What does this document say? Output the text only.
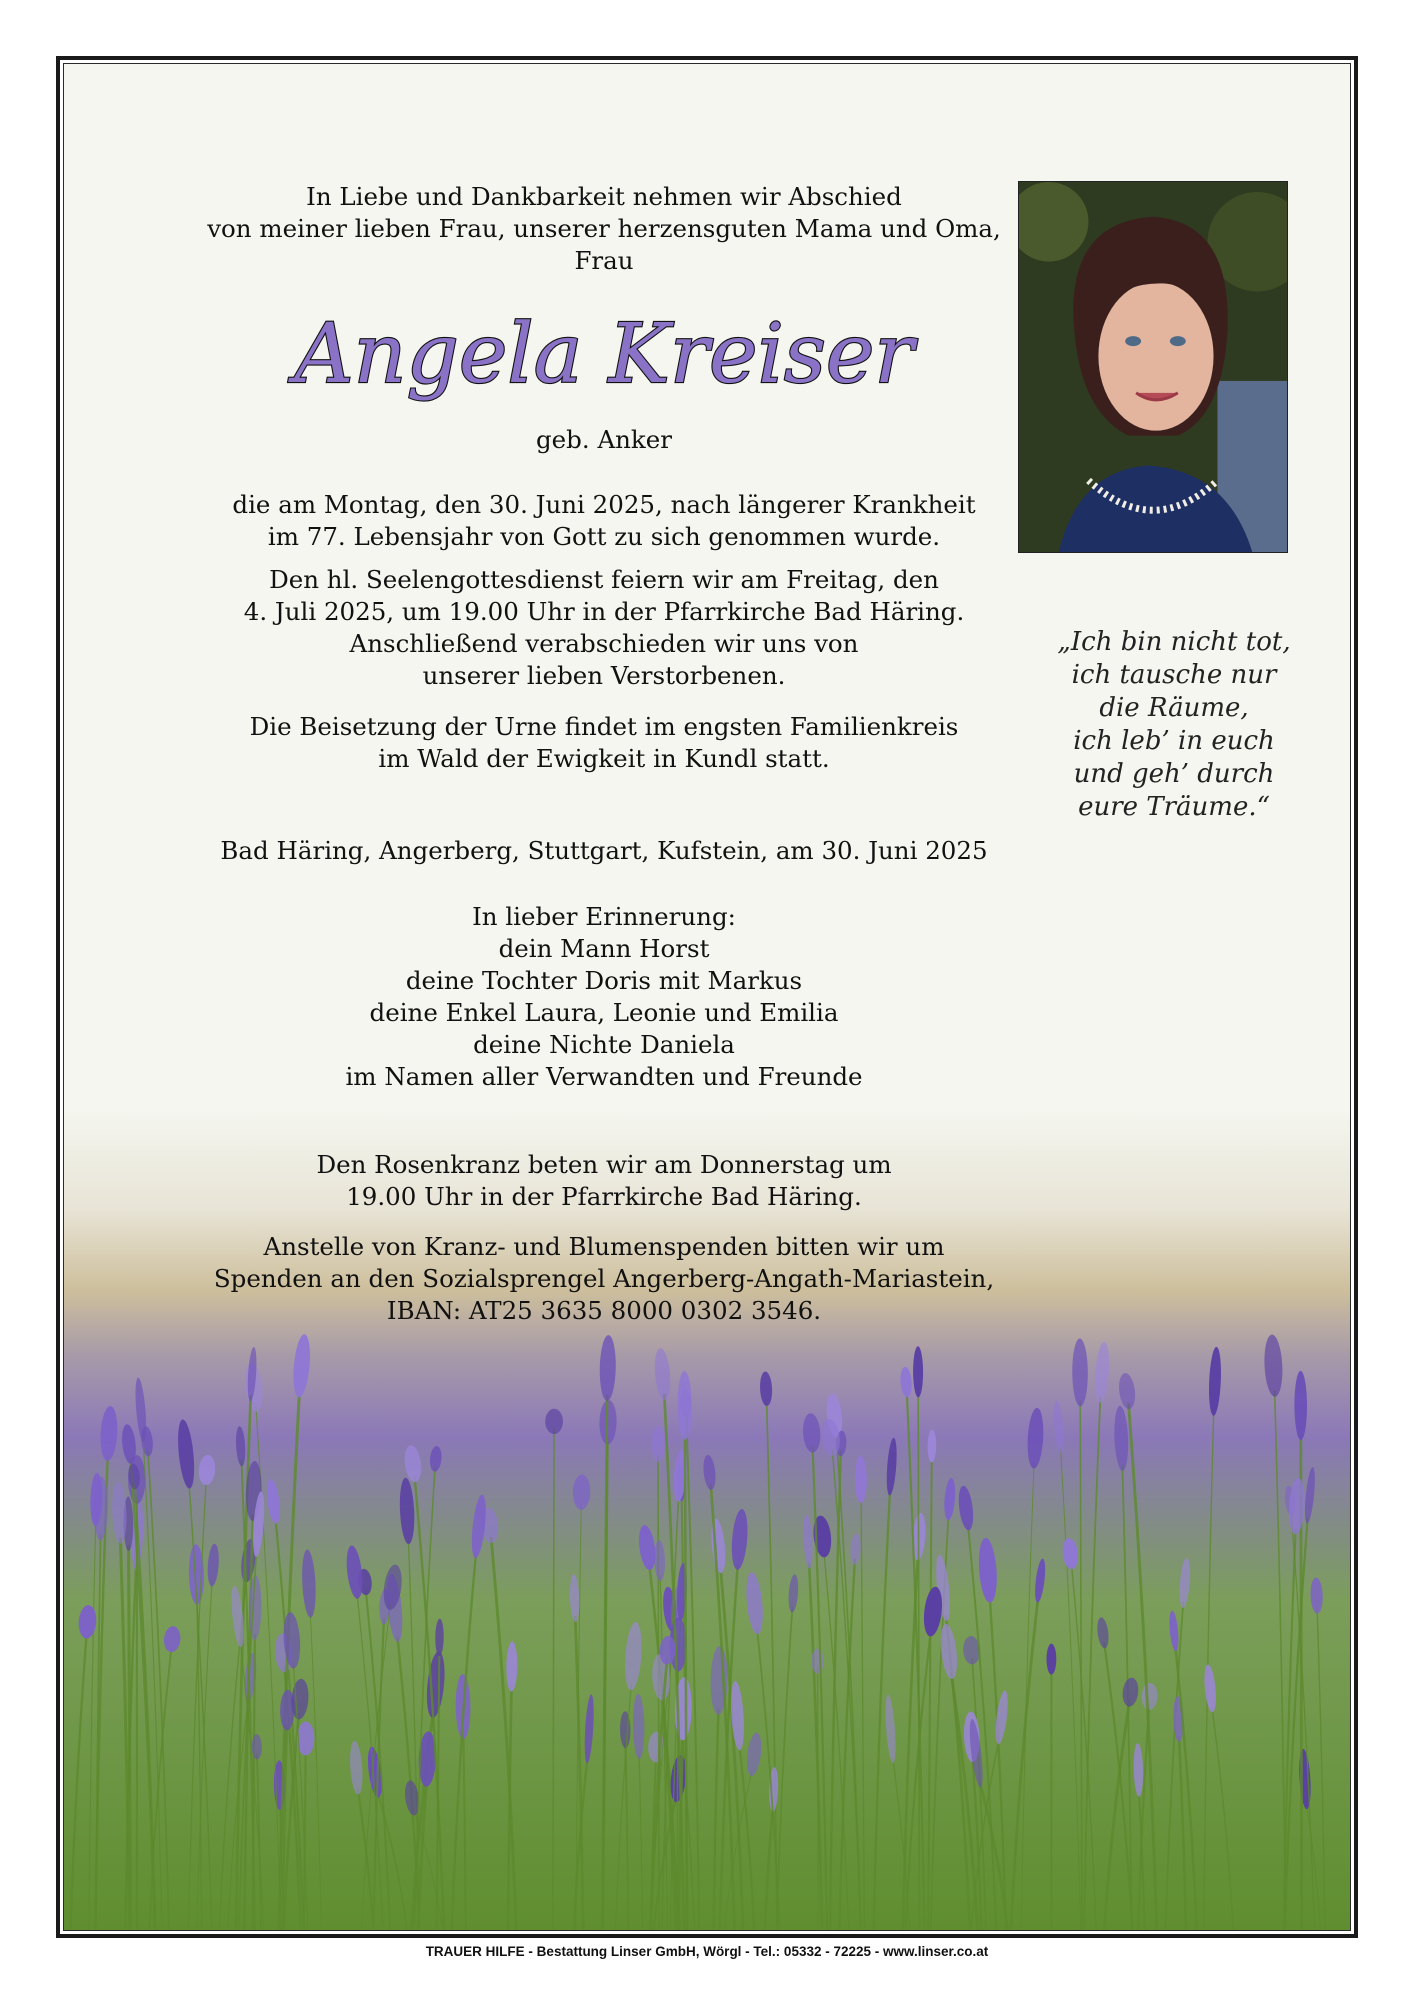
In Liebe und Dankbarkeit nehmen wir Abschied

von meiner lieben Frau, unserer herzensguten Mama und Oma,

Frau

Angela Kreiser

geb. Anker

die am Montag, den 30. Juni 2025, nach längerer Krankheit

im 77. Lebensjahr von Gott zu sich genommen wurde.

Den hl. Seelengottesdienst feiern wir am Freitag, den

4. Juli 2025, um 19.00 Uhr in der Pfarrkirche Bad Häring.

Anschließend verabschieden wir uns von

unserer lieben Verstorbenen.

Die Beisetzung der Urne findet im engsten Familienkreis

im Wald der Ewigkeit in Kundl statt.

Bad Häring, Angerberg, Stuttgart, Kufstein, am 30. Juni 2025

In lieber Erinnerung:

dein Mann Horst

deine Tochter Doris mit Markus

deine Enkel Laura, Leonie und Emilia

deine Nichte Daniela

im Namen aller Verwandten und Freunde

Den Rosenkranz beten wir am Donnerstag um

19.00 Uhr in der Pfarrkirche Bad Häring.

Anstelle von Kranz- und Blumenspenden bitten wir um

Spenden an den Sozialsprengel Angerberg-Angath-Mariastein,

IBAN: AT25 3635 8000 0302 3546.

„Ich bin nicht tot,

ich tausche nur

die Räume,

ich leb’ in euch

und geh’ durch

eure Träume.“

TRAUER HILFE - Bestattung Linser GmbH, Wörgl - Tel.: 05332 - 72225 - www.linser.co.at
